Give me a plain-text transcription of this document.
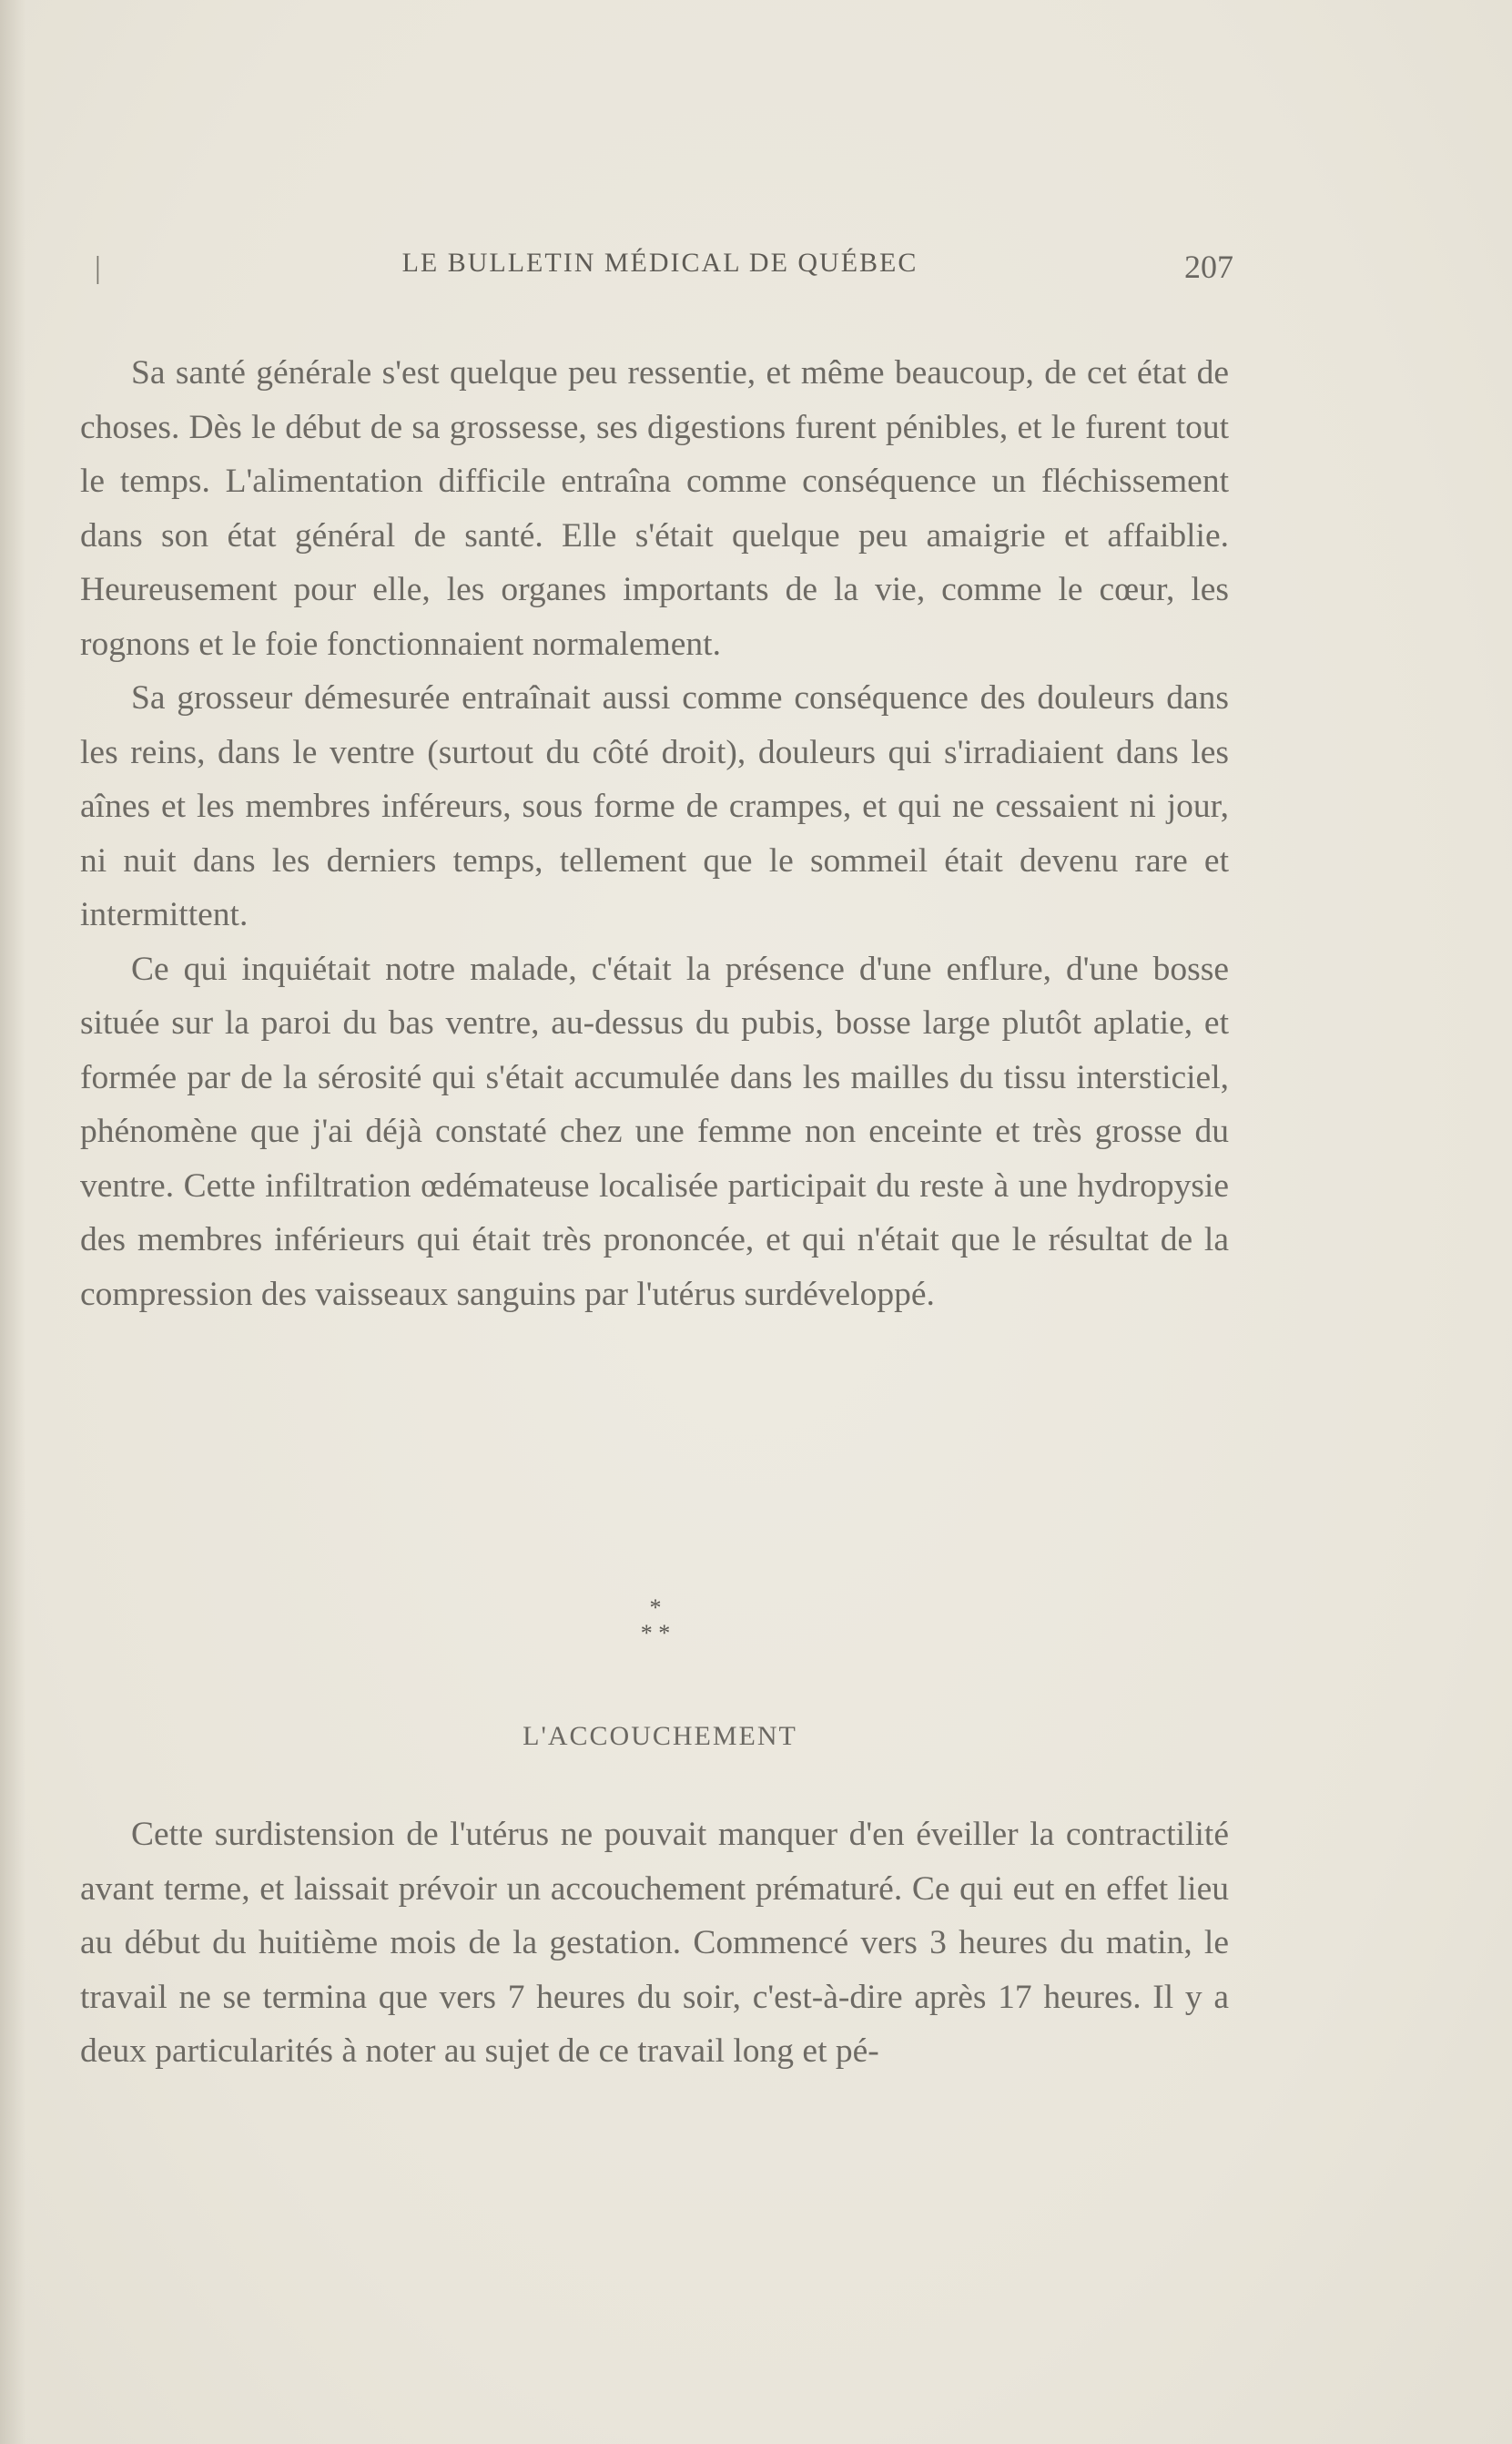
|	LE BULLETIN MÉDICAL DE QUÉBEC	207

Sa santé générale s'est quelque peu ressentie, et même beaucoup, de cet état de choses. Dès le début de sa grossesse, ses digestions furent pénibles, et le furent tout le temps. L'alimentation difficile entraîna comme conséquence un fléchissement dans son état général de santé. Elle s'était quelque peu amaigrie et affaiblie. Heureusement pour elle, les organes importants de la vie, comme le cœur, les rognons et le foie fonctionnaient normalement.

Sa grosseur démesurée entraînait aussi comme conséquence des douleurs dans les reins, dans le ventre (surtout du côté droit), douleurs qui s'irradiaient dans les aînes et les membres inféreurs, sous forme de crampes, et qui ne cessaient ni jour, ni nuit dans les derniers temps, tellement que le sommeil était devenu rare et intermittent.

Ce qui inquiétait notre malade, c'était la présence d'une enflure, d'une bosse située sur la paroi du bas ventre, au-dessus du pubis, bosse large plutôt aplatie, et formée par de la sérosité qui s'était accumulée dans les mailles du tissu intersticiel, phénomène que j'ai déjà constaté chez une femme non enceinte et très grosse du ventre. Cette infiltration œdémateuse localisée participait du reste à une hydropysie des membres inférieurs qui était très prononcée, et qui n'était que le résultat de la compression des vaisseaux sanguins par l'utérus surdéveloppé.

*
* *
L'ACCOUCHEMENT

Cette surdistension de l'utérus ne pouvait manquer d'en éveiller la contractilité avant terme, et laissait prévoir un accouchement prématuré. Ce qui eut en effet lieu au début du huitième mois de la gestation. Commencé vers 3 heures du matin, le travail ne se termina que vers 7 heures du soir, c'est-à-dire après 17 heures. Il y a deux particularités à noter au sujet de ce travail long et pé-
